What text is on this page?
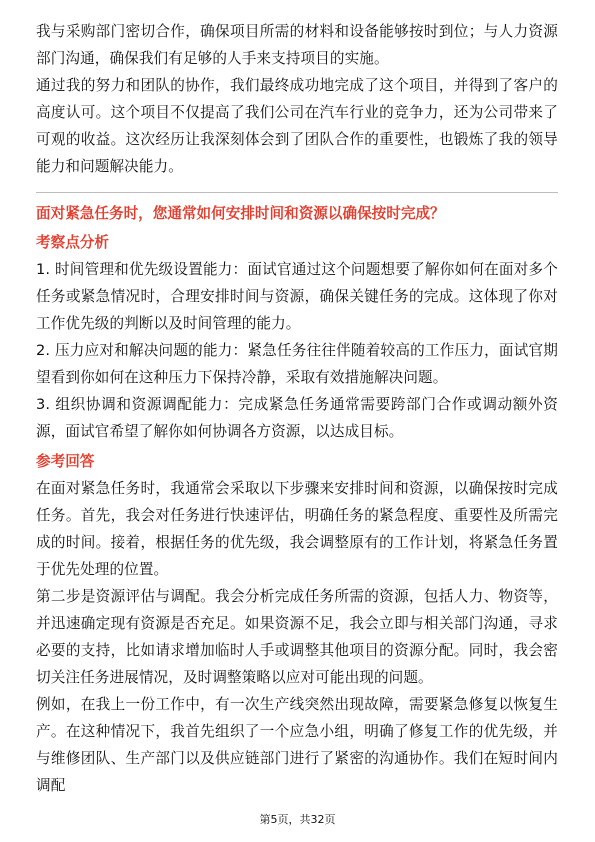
我与采购部门密切合作，确保项目所需的材料和设备能够按时到位；与人力资源部门沟通，确保我们有足够的人手来支持项目的实施。

通过我的努力和团队的协作，我们最终成功地完成了这个项目，并得到了客户的高度认可。这个项目不仅提高了我们公司在汽车行业的竞争力，还为公司带来了可观的收益。这次经历让我深刻体会到了团队合作的重要性，也锻炼了我的领导能力和问题解决能力。

面对紧急任务时，您通常如何安排时间和资源以确保按时完成？

考察点分析

1. 时间管理和优先级设置能力：面试官通过这个问题想要了解你如何在面对多个任务或紧急情况时，合理安排时间与资源，确保关键任务的完成。这体现了你对工作优先级的判断以及时间管理的能力。

2. 压力应对和解决问题的能力：紧急任务往往伴随着较高的工作压力，面试官期望看到你如何在这种压力下保持冷静，采取有效措施解决问题。

3. 组织协调和资源调配能力：完成紧急任务通常需要跨部门合作或调动额外资源，面试官希望了解你如何协调各方资源，以达成目标。

参考回答

在面对紧急任务时，我通常会采取以下步骤来安排时间和资源，以确保按时完成任务。首先，我会对任务进行快速评估，明确任务的紧急程度、重要性及所需完成的时间。接着，根据任务的优先级，我会调整原有的工作计划，将紧急任务置于优先处理的位置。

第二步是资源评估与调配。我会分析完成任务所需的资源，包括人力、物资等，并迅速确定现有资源是否充足。如果资源不足，我会立即与相关部门沟通，寻求必要的支持，比如请求增加临时人手或调整其他项目的资源分配。同时，我会密切关注任务进展情况，及时调整策略以应对可能出现的问题。

例如，在我上一份工作中，有一次生产线突然出现故障，需要紧急修复以恢复生产。在这种情况下，我首先组织了一个应急小组，明确了修复工作的优先级，并与维修团队、生产部门以及供应链部门进行了紧密的沟通协作。我们在短时间内调配

第5页，共32页
